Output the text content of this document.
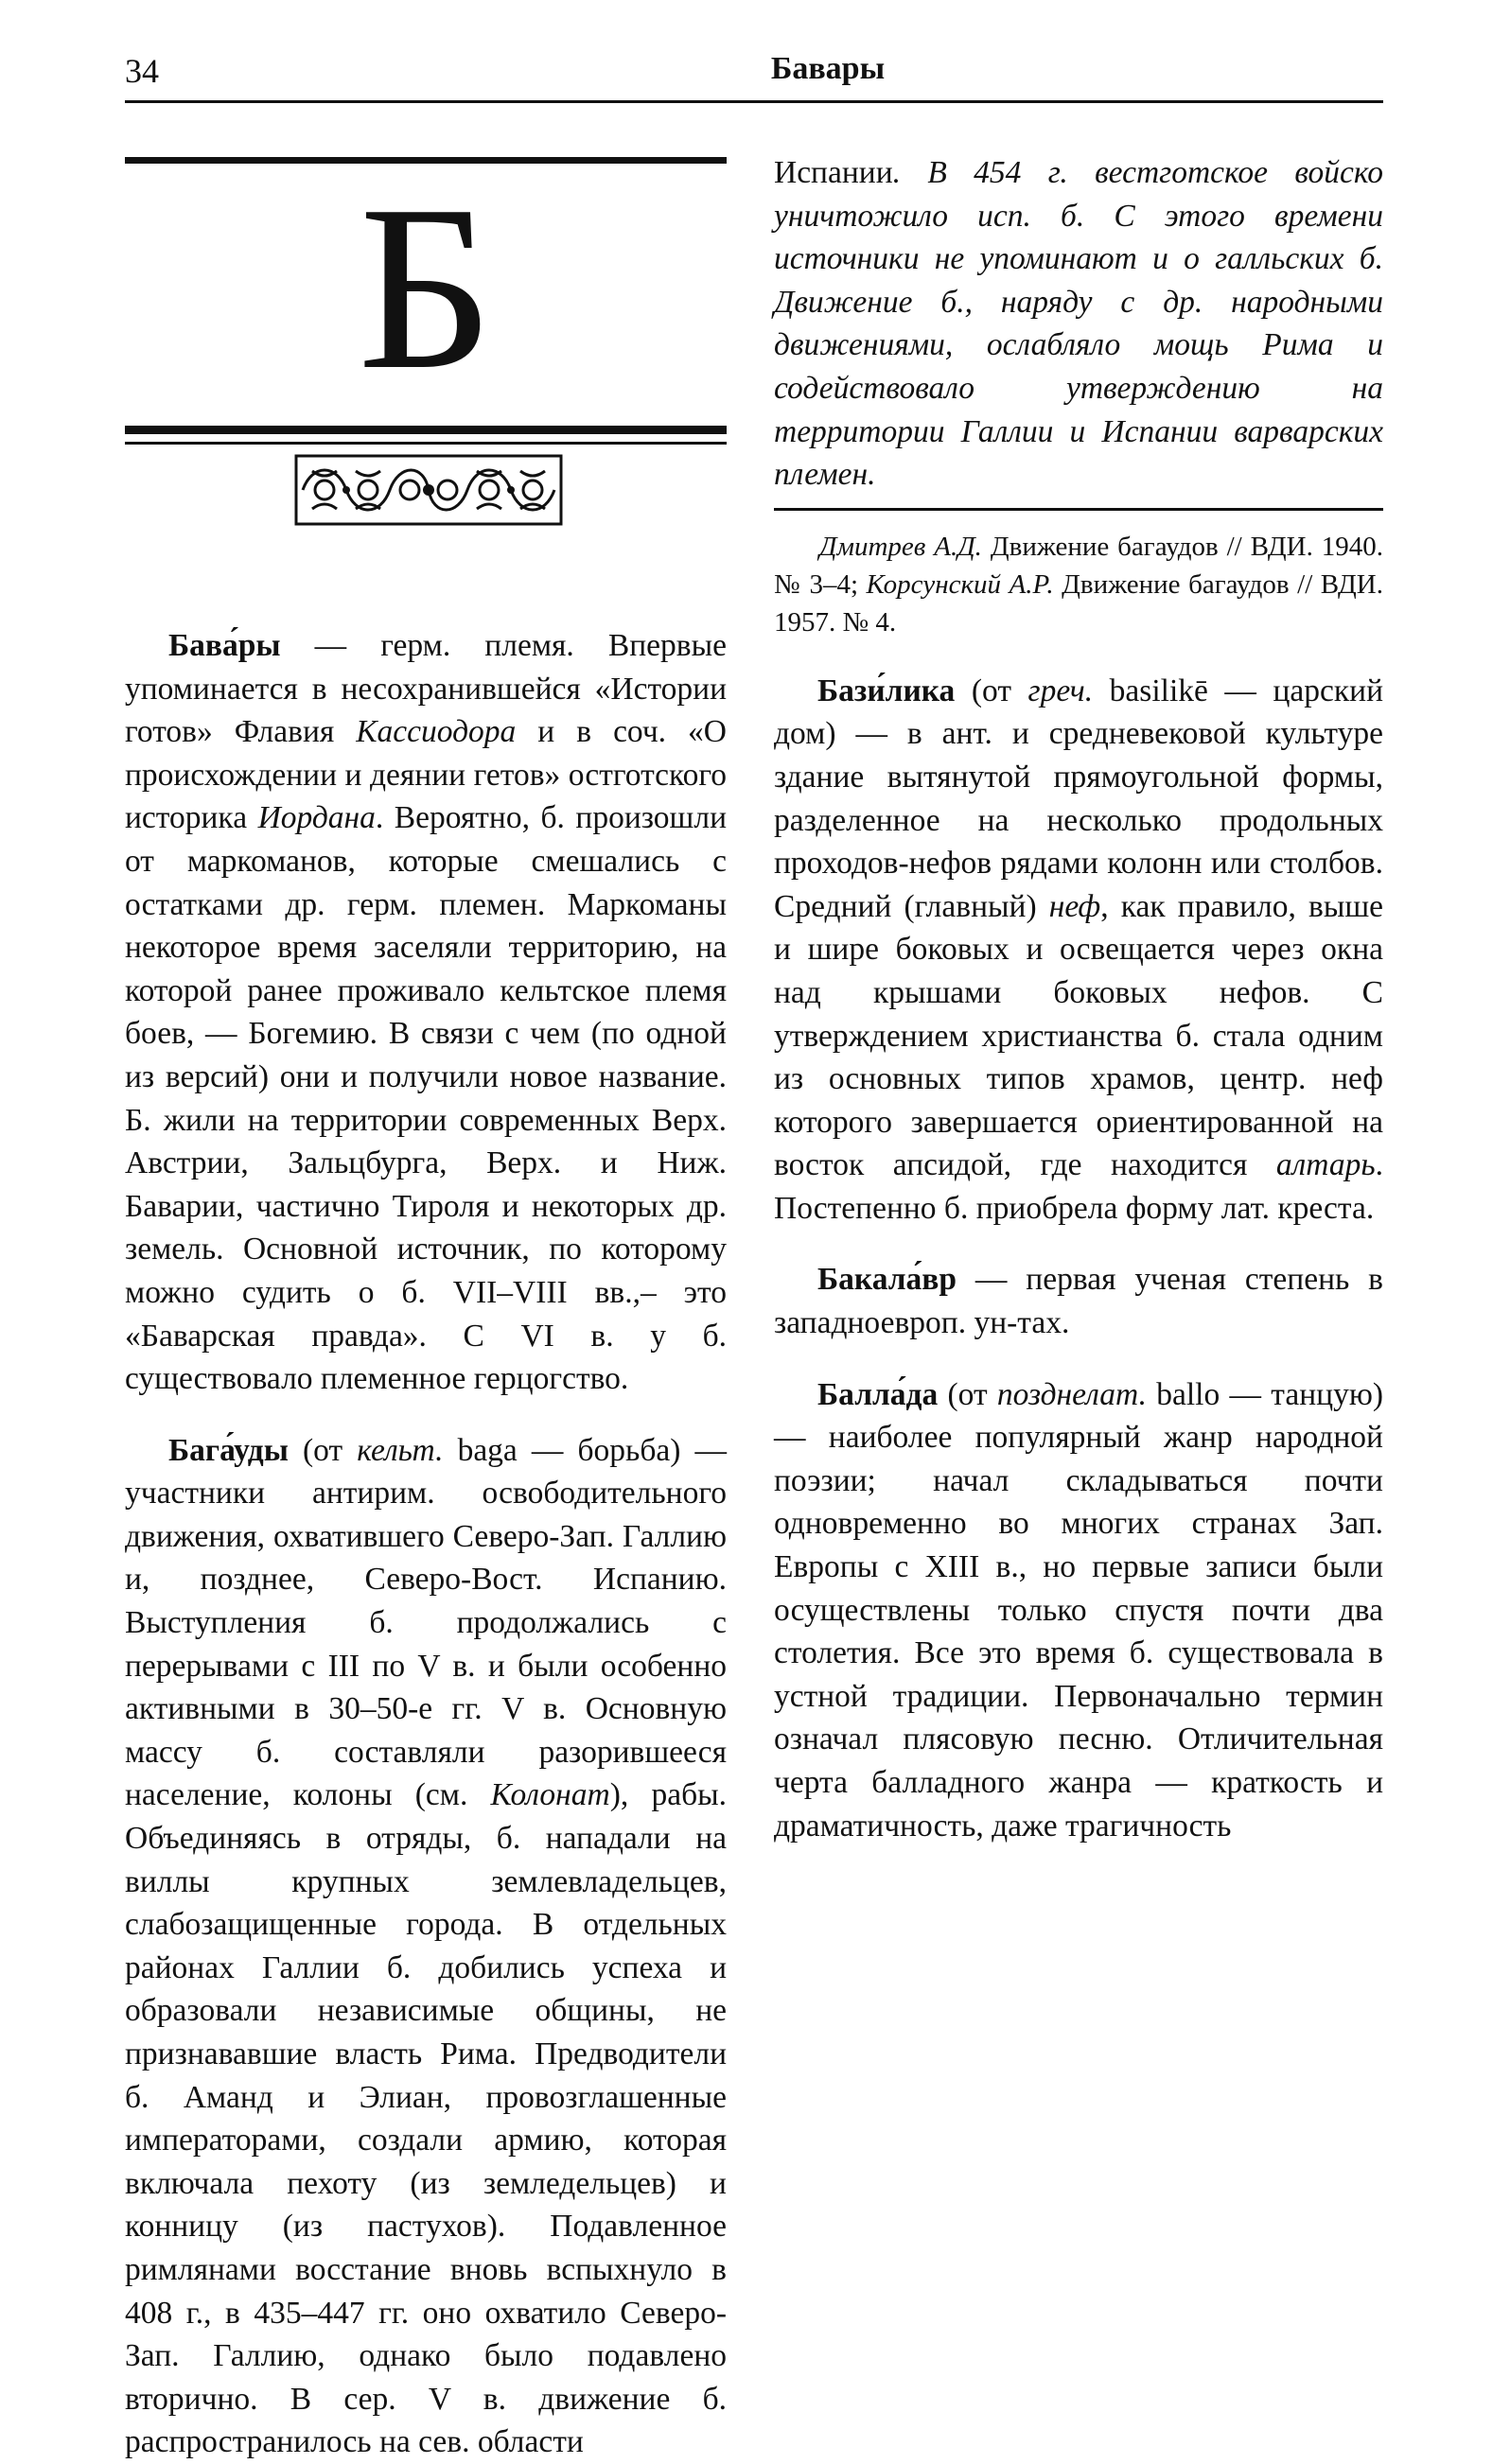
34	Бавары
Б

Бава́ры — герм. племя. Впервые упоминается в несохранившейся «Истории готов» Флавия Кассиодора и в соч. «О происхождении и деянии гетов» остготского историка Иордана. Вероятно, б. произошли от маркоманов, которые смешались с остатками др. герм. племен. Маркоманы некоторое время заселяли территорию, на которой ранее проживало кельтское племя боев, — Богемию. В связи с чем (по одной из версий) они и получили новое название. Б. жили на территории современных Верх. Австрии, Зальцбурга, Верх. и Ниж. Баварии, частично Тироля и некоторых др. земель. Основной источник, по которому можно судить о б. VII–VIII вв.,– это «Баварская правда». С VI в. у б. существовало племенное герцогство.

Бага́уды (от кельт. baga — борьба) — участники антирим. освободительного движения, охватившего Северо-Зап. Галлию и, позднее, Северо-Вост. Испанию. Выступления б. продолжались с перерывами с III по V в. и были особенно активными в 30–50-е гг. V в. Основную массу б. составляли разорившееся население, колоны (см. Колонат), рабы. Объединяясь в отряды, б. нападали на виллы крупных землевладельцев, слабозащищенные города. В отдельных районах Галлии б. добились успеха и образовали независимые общины, не признававшие власть Рима. Предводители б. Аманд и Элиан, провозглашенные императорами, создали армию, которая включала пехоту (из земледельцев) и конницу (из пастухов). Подавленное римлянами восстание вновь вспыхнуло в 408 г., в 435–447 гг. оно охватило Северо-Зап. Галлию, однако было подавлено вторично. В сер. V в. движение б. распространилось на сев. области

Испании. В 454 г. вестготское войско уничтожило исп. б. С этого времени источники не упоминают и о галльских б. Движение б., наряду с др. народными движениями, ослабляло мощь Рима и содействовало утверждению на территории Галлии и Испании варварских племен.

Дмитрев А.Д. Движение багаудов // ВДИ. 1940. № 3–4; Корсунский А.Р. Движение багаудов // ВДИ. 1957. № 4.

Бази́лика (от греч. basilikē — царский дом) — в ант. и средневековой культуре здание вытянутой прямоугольной формы, разделенное на несколько продольных проходов-нефов рядами колонн или столбов. Средний (главный) неф, как правило, выше и шире боковых и освещается через окна над крышами боковых нефов. С утверждением христианства б. стала одним из основных типов храмов, центр. неф которого завершается ориентированной на восток апсидой, где находится алтарь. Постепенно б. приобрела форму лат. креста.

Бакала́вр — первая ученая степень в западноевроп. ун-тах.

Балла́да (от позднелат. ballo — танцую) — наиболее популярный жанр народной поэзии; начал складываться почти одновременно во многих странах Зап. Европы с XIII в., но первые записи были осуществлены только спустя почти два столетия. Все это время б. существовала в устной традиции. Первоначально термин означал плясовую песню. Отличительная черта балладного жанра — краткость и драматичность, даже трагичность
